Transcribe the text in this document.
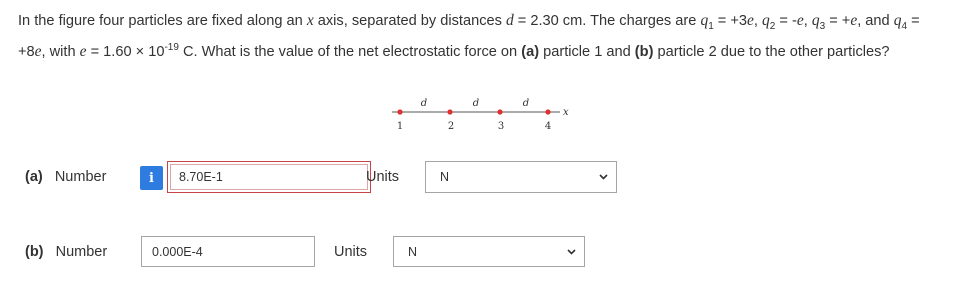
In the figure four particles are fixed along an x axis, separated by distances d = 2.30 cm. The charges are $q_1 = +3e$, $q_2 = -e$, $q_3 = +e$, and $q_4 = +8e$, with $e = 1.60 \times 10^{-19}$ C. What is the value of the net electrostatic force on (a) particle 1 and (b) particle 2 due to the other particles?
d	d	d
x
1	2	3	4
(a) Number	i	8.70E-1	Units	N
(b) Number	0.000E-4	Units	N
